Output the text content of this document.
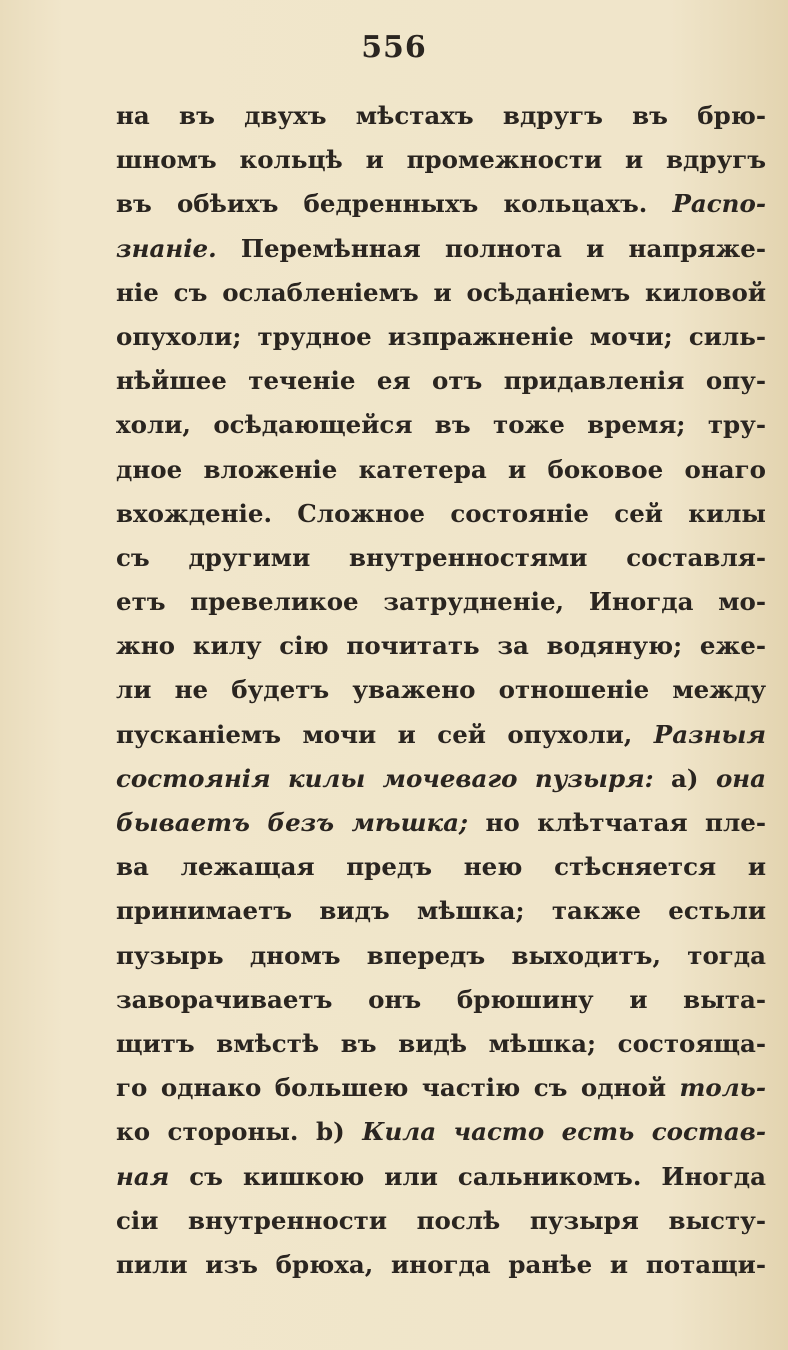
556
на въ двухъ мѣстахъ вдругъ въ брю-
шномъ кольцѣ и промежности и вдругъ
въ обѣихъ бедренныхъ кольцахъ. Распо-
знаніе. Перемѣнная полнота и напряже-
ніе съ ослабленіемъ и осѣданіемъ киловой
опухоли; трудное изпражненіе мочи; силь-
нѣйшее теченіе ея отъ придавленія опу-
холи, осѣдающейся въ тоже время; тру-
дное вложеніе катетера и боковое онаго
вхожденіе. Сложное состояніе сей килы
съ другими внутренностями составля-
етъ превеликое затрудненіе, Иногда мо-
жно килу сію почитать за водяную; еже-
ли не будетъ уважено отношеніе между
пусканіемъ мочи и сей опухоли, Разныя
состоянія килы мочеваго пузыря: a) она
бываетъ безъ мѣшка; но клѣтчатая пле-
ва лежащая предъ нею стѣсняется и
принимаетъ видъ мѣшка; также естьли
пузырь дномъ впередъ выходитъ, тогда
заворачиваетъ онъ брюшину и выта-
щитъ вмѣстѣ въ видѣ мѣшка; состояща-
го однако большею частію съ одной толь-
ко стороны. b) Кила часто есть состав-
ная съ кишкою или сальникомъ. Иногда
сіи внутренности послѣ пузыря высту-
пили изъ брюха, иногда ранѣе и потащи-
